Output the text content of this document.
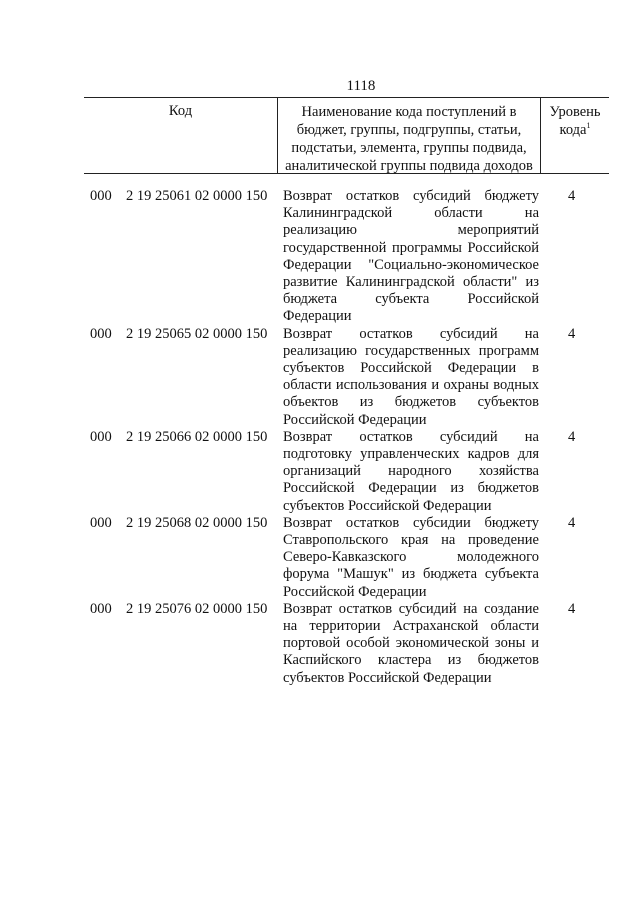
1118
Код	Наименование кода поступлений в бюджет, группы, подгруппы, статьи, подстатьи, элемента, группы подвида, аналитической группы подвида доходов
Уровень кода$^1$
000 2 19 25061 02 0000 150 Возврат остатков субсидий бюджету Калининградской области на реализацию мероприятий государственной программы Российской Федерации "Социально-экономическое развитие Калининградской области" из бюджета субъекта Российской Федерации
4
000 2 19 25065 02 0000 150 Возврат остатков субсидий на реализацию государственных программ субъектов Российской Федерации в области использования и охраны водных объектов из бюджетов субъектов Российской Федерации
4
000 2 19 25066 02 0000 150 Возврат остатков субсидий на подготовку управленческих кадров для организаций народного хозяйства Российской Федерации из бюджетов субъектов Российской Федерации
4
000 2 19 25068 02 0000 150 Возврат остатков субсидии бюджету Ставропольского края на проведение Северо-Кавказского молодежного форума "Машук" из бюджета субъекта Российской Федерации
4
000 2 19 25076 02 0000 150 Возврат остатков субсидий на создание на территории Астраханской области портовой особой экономической зоны и Каспийского кластера из бюджетов субъектов Российской Федерации
4
